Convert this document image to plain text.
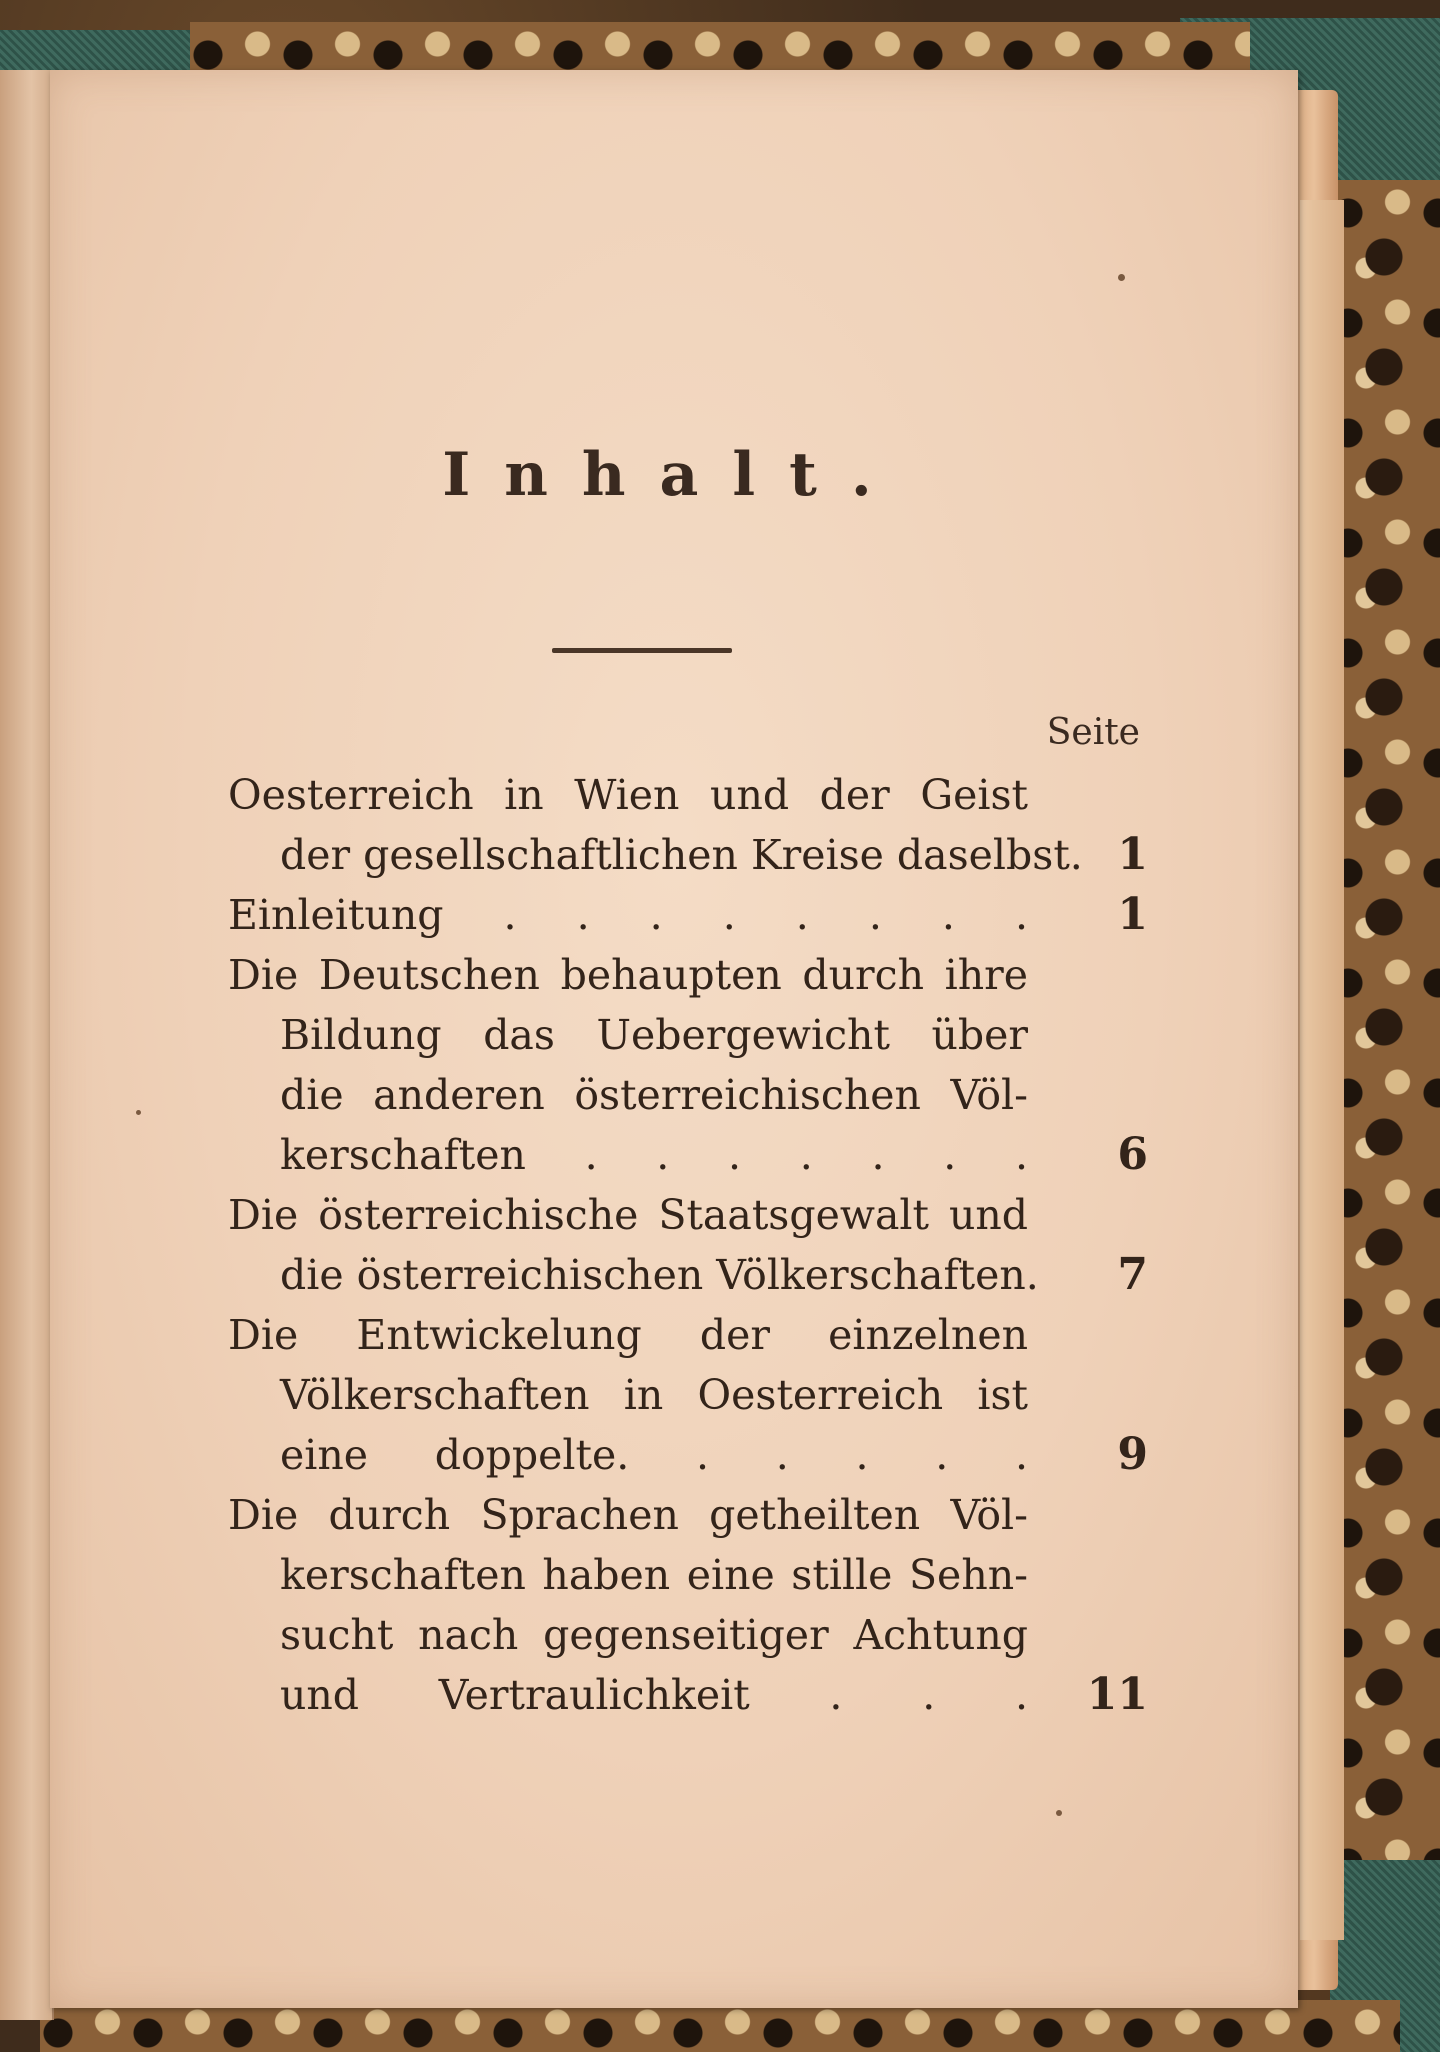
Inhalt.
Seite
Oesterreich in Wien und der Geist
der gesellschaftlichen Kreise daselbst. 1
Einleitung . . . . . . . .	1
Die Deutschen behaupten durch ihre
Bildung das Uebergewicht über
die anderen österreichischen Völ-
kerschaften . . . . . . .	6
Die österreichische Staatsgewalt und
die österreichischen Völkerschaften.	7
Die Entwickelung der einzelnen
Völkerschaften in Oesterreich ist
eine doppelte. . . . . .	9
Die durch Sprachen getheilten Völ-
kerschaften haben eine stille Sehn-
sucht nach gegenseitiger Achtung
und Vertraulichkeit . . .	11
